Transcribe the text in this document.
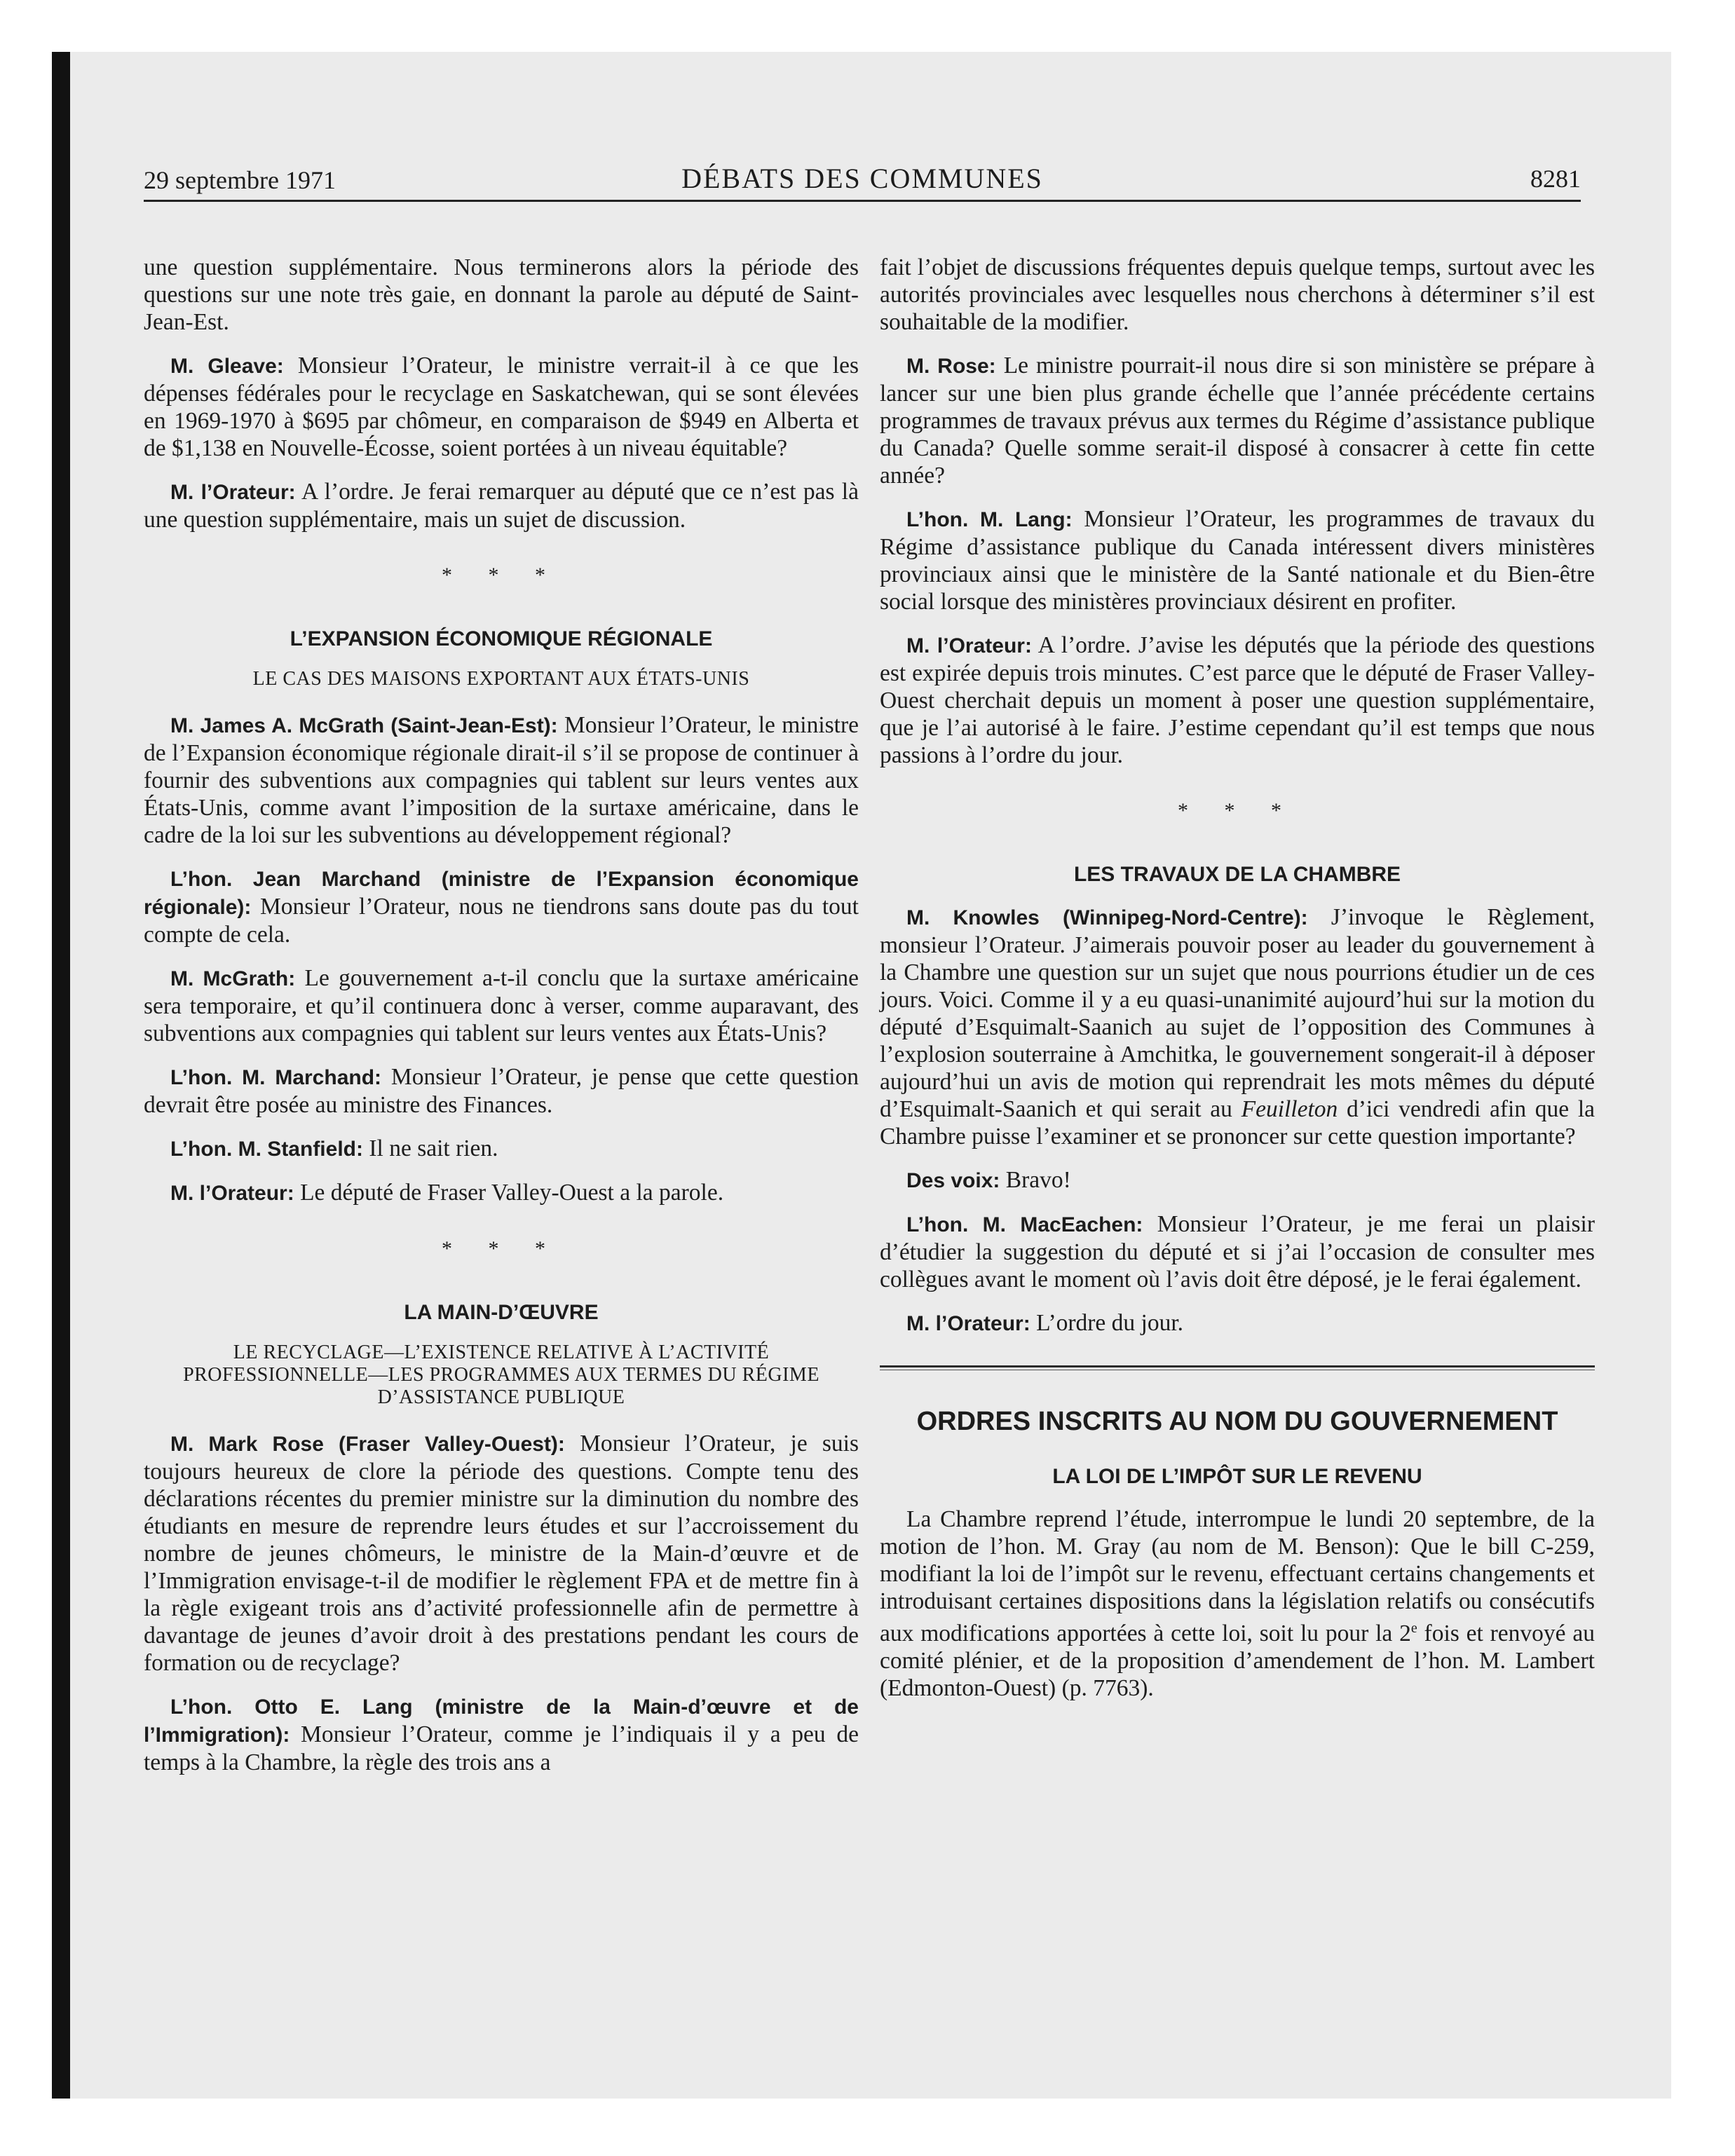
29 septembre 1971	DÉBATS DES COMMUNES	8281

une question supplémentaire. Nous terminerons alors la période des questions sur une note très gaie, en donnant la parole au député de Saint-Jean-Est.

M. Gleave: Monsieur l’Orateur, le ministre verrait-il à ce que les dépenses fédérales pour le recyclage en Saskatchewan, qui se sont élevées en 1969-1970 à $695 par chômeur, en comparaison de $949 en Alberta et de $1,138 en Nouvelle-Écosse, soient portées à un niveau équitable?

M. l’Orateur: A l’ordre. Je ferai remarquer au député que ce n’est pas là une question supplémentaire, mais un sujet de discussion.

* * *
L’EXPANSION ÉCONOMIQUE RÉGIONALE
LE CAS DES MAISONS EXPORTANT AUX ÉTATS-UNIS

M. James A. McGrath (Saint-Jean-Est): Monsieur l’Orateur, le ministre de l’Expansion économique régionale dirait-il s’il se propose de continuer à fournir des subventions aux compagnies qui tablent sur leurs ventes aux États-Unis, comme avant l’imposition de la surtaxe américaine, dans le cadre de la loi sur les subventions au développement régional?

L’hon. Jean Marchand (ministre de l’Expansion économique régionale): Monsieur l’Orateur, nous ne tiendrons sans doute pas du tout compte de cela.

M. McGrath: Le gouvernement a-t-il conclu que la surtaxe américaine sera temporaire, et qu’il continuera donc à verser, comme auparavant, des subventions aux compagnies qui tablent sur leurs ventes aux États-Unis?

L’hon. M. Marchand: Monsieur l’Orateur, je pense que cette question devrait être posée au ministre des Finances.

L’hon. M. Stanfield: Il ne sait rien.

M. l’Orateur: Le député de Fraser Valley-Ouest a la parole.

* * *
LA MAIN-D’ŒUVRE
LE RECYCLAGE—L’EXISTENCE RELATIVE À L’ACTIVITÉ PROFESSIONNELLE—LES PROGRAMMES AUX TERMES DU RÉGIME D’ASSISTANCE PUBLIQUE

M. Mark Rose (Fraser Valley-Ouest): Monsieur l’Orateur, je suis toujours heureux de clore la période des questions. Compte tenu des déclarations récentes du premier ministre sur la diminution du nombre des étudiants en mesure de reprendre leurs études et sur l’accroissement du nombre de jeunes chômeurs, le ministre de la Main-d’œuvre et de l’Immigration envisage-t-il de modifier le règlement FPA et de mettre fin à la règle exigeant trois ans d’activité professionnelle afin de permettre à davantage de jeunes d’avoir droit à des prestations pendant les cours de formation ou de recyclage?

L’hon. Otto E. Lang (ministre de la Main-d’œuvre et de l’Immigration): Monsieur l’Orateur, comme je l’indiquais il y a peu de temps à la Chambre, la règle des trois ans a

fait l’objet de discussions fréquentes depuis quelque temps, surtout avec les autorités provinciales avec lesquelles nous cherchons à déterminer s’il est souhaitable de la modifier.

M. Rose: Le ministre pourrait-il nous dire si son ministère se prépare à lancer sur une bien plus grande échelle que l’année précédente certains programmes de travaux prévus aux termes du Régime d’assistance publique du Canada? Quelle somme serait-il disposé à consacrer à cette fin cette année?

L’hon. M. Lang: Monsieur l’Orateur, les programmes de travaux du Régime d’assistance publique du Canada intéressent divers ministères provinciaux ainsi que le ministère de la Santé nationale et du Bien-être social lorsque des ministères provinciaux désirent en profiter.

M. l’Orateur: A l’ordre. J’avise les députés que la période des questions est expirée depuis trois minutes. C’est parce que le député de Fraser Valley-Ouest cherchait depuis un moment à poser une question supplémentaire, que je l’ai autorisé à le faire. J’estime cependant qu’il est temps que nous passions à l’ordre du jour.

* * *
LES TRAVAUX DE LA CHAMBRE

M. Knowles (Winnipeg-Nord-Centre): J’invoque le Règlement, monsieur l’Orateur. J’aimerais pouvoir poser au leader du gouvernement à la Chambre une question sur un sujet que nous pourrions étudier un de ces jours. Voici. Comme il y a eu quasi-unanimité aujourd’hui sur la motion du député d’Esquimalt-Saanich au sujet de l’opposition des Communes à l’explosion souterraine à Amchitka, le gouvernement songerait-il à déposer aujourd’hui un avis de motion qui reprendrait les mots mêmes du député d’Esquimalt-Saanich et qui serait au Feuilleton d’ici vendredi afin que la Chambre puisse l’examiner et se prononcer sur cette question importante?

Des voix: Bravo!

L’hon. M. MacEachen: Monsieur l’Orateur, je me ferai un plaisir d’étudier la suggestion du député et si j’ai l’occasion de consulter mes collègues avant le moment où l’avis doit être déposé, je le ferai également.

M. l’Orateur: L’ordre du jour.

ORDRES INSCRITS AU NOM DU GOUVERNEMENT
LA LOI DE L’IMPÔT SUR LE REVENU

La Chambre reprend l’étude, interrompue le lundi 20 septembre, de la motion de l’hon. M. Gray (au nom de M. Benson): Que le bill C-259, modifiant la loi de l’impôt sur le revenu, effectuant certains changements et introduisant certaines dispositions dans la législation relatifs ou consécutifs aux modifications apportées à cette loi, soit lu pour la 2e fois et renvoyé au comité plénier, et de la proposition d’amendement de l’hon. M. Lambert (Edmonton-Ouest) (p. 7763).
